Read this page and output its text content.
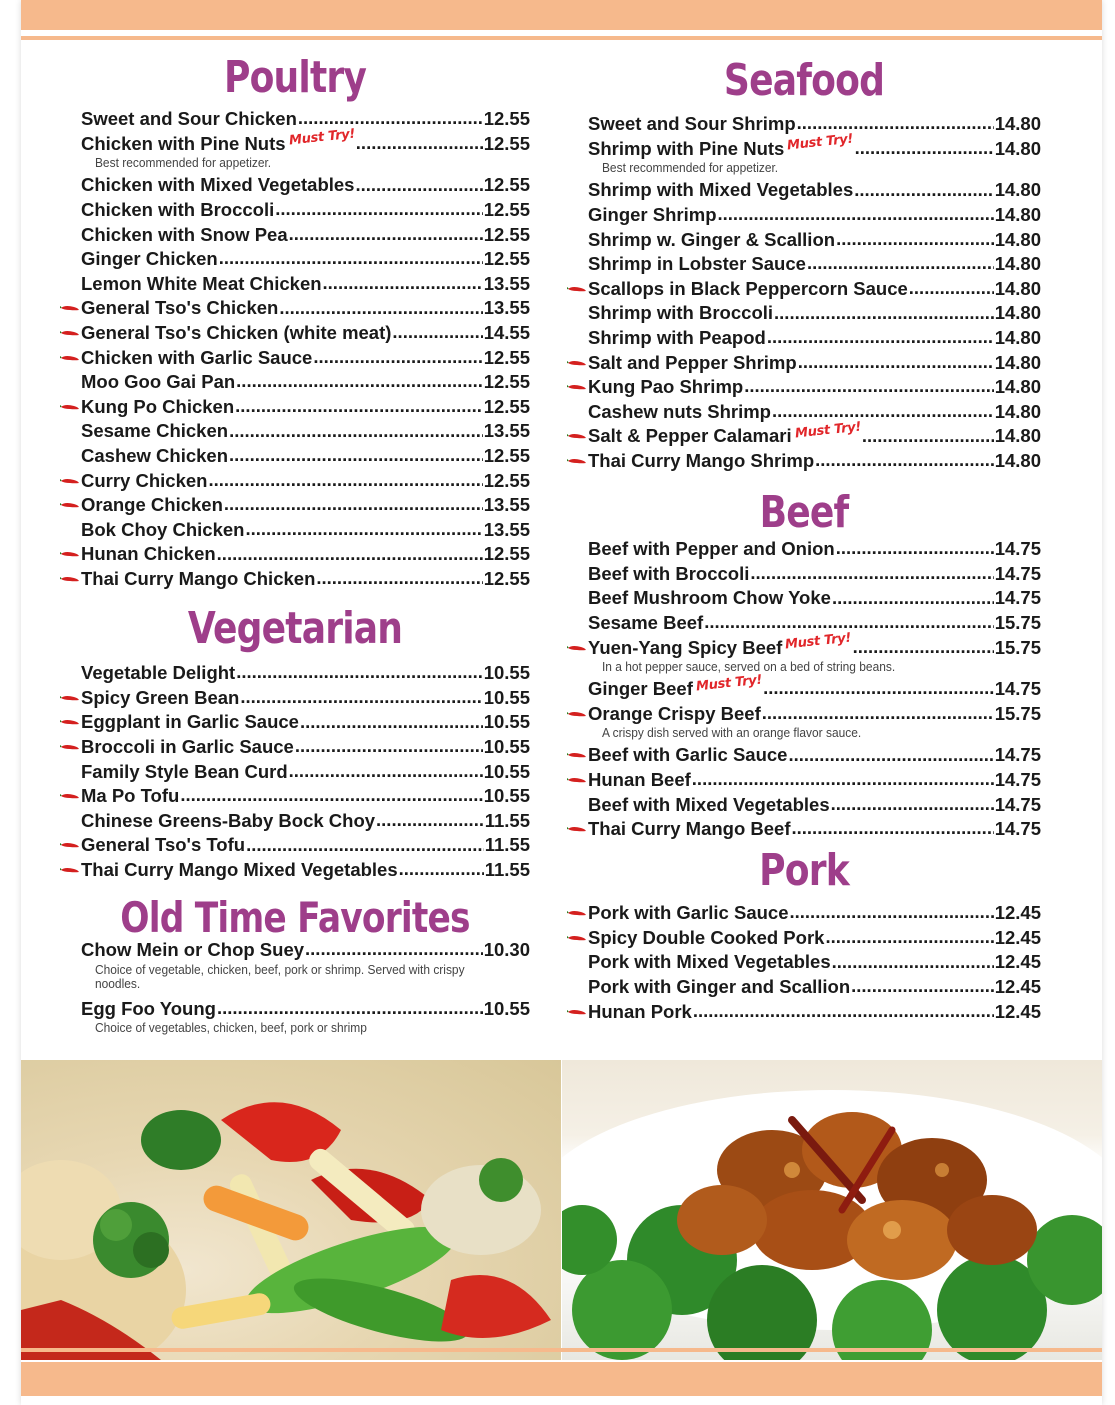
Poultry
Sweet and Sour Chicken .....	12.55
Chicken with Pine Nuts Must Try! .....	12.55
Best recommended for appetizer.
Chicken with Mixed Vegetables .....	12.55
Chicken with Broccoli .....	12.55
Chicken with Snow Pea .....	12.55
Ginger Chicken .....	12.55
Lemon White Meat Chicken .....	13.55
General Tso's Chicken .....	13.55
General Tso's Chicken (white meat) .....	14.55
Chicken with Garlic Sauce .....	12.55
Moo Goo Gai Pan .....	12.55
Kung Po Chicken .....	12.55
Sesame Chicken .....	13.55
Cashew Chicken .....	12.55
Curry Chicken .....	12.55
Orange Chicken .....	13.55
Bok Choy Chicken .....	13.55
Hunan Chicken .....	12.55
Thai Curry Mango Chicken .....	12.55
Vegetarian
Vegetable Delight .....	10.55
Spicy Green Bean .....	10.55
Eggplant in Garlic Sauce .....	10.55
Broccoli in Garlic Sauce .....	10.55
Family Style Bean Curd .....	10.55
Ma Po Tofu .....	10.55
Chinese Greens-Baby Bock Choy .....	11.55
General Tso's Tofu .....	11.55
Thai Curry Mango Mixed Vegetables .....	11.55
Old Time Favorites
Chow Mein or Chop Suey .....	10.30
Choice of vegetable, chicken, beef, pork or shrimp. Served with crispy noodles.
Egg Foo Young .....	10.55
Choice of vegetables, chicken, beef, pork or shrimp
Seafood
Sweet and Sour Shrimp .....	14.80
Shrimp with Pine Nuts Must Try! .....	14.80
Best recommended for appetizer.
Shrimp with Mixed Vegetables .....	14.80
Ginger Shrimp .....	14.80
Shrimp w. Ginger & Scallion .....	14.80
Shrimp in Lobster Sauce .....	14.80
Scallops in Black Peppercorn Sauce .....	14.80
Shrimp with Broccoli .....	14.80
Shrimp with Peapod .....	14.80
Salt and Pepper Shrimp .....	14.80
Kung Pao Shrimp .....	14.80
Cashew nuts Shrimp .....	14.80
Salt & Pepper Calamari Must Try! .....	14.80
Thai Curry Mango Shrimp .....	14.80
Beef
Beef with Pepper and Onion .....	14.75
Beef with Broccoli .....	14.75
Beef Mushroom Chow Yoke .....	14.75
Sesame Beef .....	15.75
Yuen-Yang Spicy Beef Must Try! .....	15.75
In a hot pepper sauce, served on a bed of string beans.
Ginger Beef Must Try! .....	14.75
Orange Crispy Beef .....	15.75
A crispy dish served with an orange flavor sauce.
Beef with Garlic Sauce .....	14.75
Hunan Beef .....	14.75
Beef with Mixed Vegetables .....	14.75
Thai Curry Mango Beef .....	14.75
Pork
Pork with Garlic Sauce .....	12.45
Spicy Double Cooked Pork .....	12.45
Pork with Mixed Vegetables .....	12.45
Pork with Ginger and Scallion .....	12.45
Hunan Pork .....	12.45
